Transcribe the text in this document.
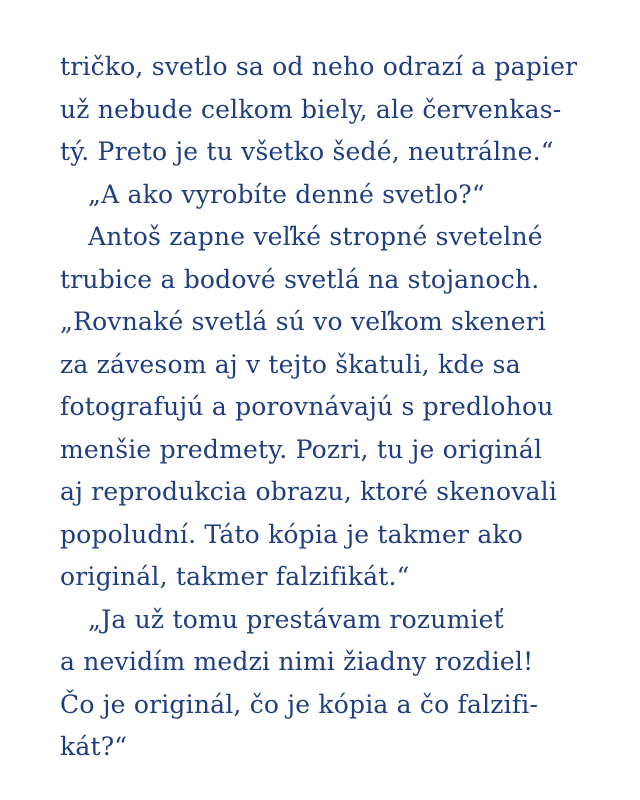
tričko, svetlo sa od neho odrazí a papier
už nebude celkom biely, ale červenkas-
tý. Preto je tu všetko šedé, neutrálne.“
„A ako vyrobíte denné svetlo?“
Antoš zapne veľké stropné svetelné
trubice a bodové svetlá na stojanoch.
„Rovnaké svetlá sú vo veľkom skeneri
za závesom aj v tejto škatuli, kde sa
fotografujú a porovnávajú s predlohou
menšie predmety. Pozri, tu je originál
aj reprodukcia obrazu, ktoré skenovali
popoludní. Táto kópia je takmer ako
originál, takmer falzifikát.“
„Ja už tomu prestávam rozumieť
a nevidím medzi nimi žiadny rozdiel!
Čo je originál, čo je kópia a čo falzifi-
kát?“
